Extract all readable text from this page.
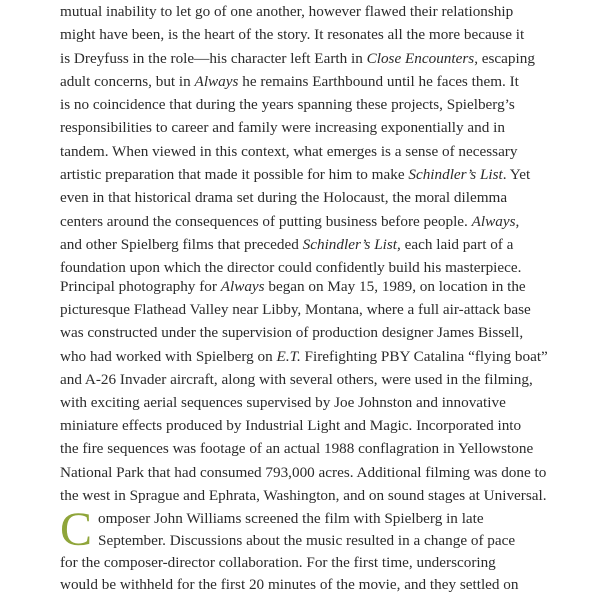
mutual inability to let go of one another, however flawed their relationship
might have been, is the heart of the story. It resonates all the more because it
is Dreyfuss in the role—his character left Earth in Close Encounters, escaping
adult concerns, but in Always he remains Earthbound until he faces them. It
is no coincidence that during the years spanning these projects, Spielberg’s
responsibilities to career and family were increasing exponentially and in
tandem. When viewed in this context, what emerges is a sense of necessary
artistic preparation that made it possible for him to make Schindler’s List. Yet
even in that historical drama set during the Holocaust, the moral dilemma
centers around the consequences of putting business before people. Always,
and other Spielberg films that preceded Schindler’s List, each laid part of a
foundation upon which the director could confidently build his masterpiece.
Principal photography for Always began on May 15, 1989, on location in the
picturesque Flathead Valley near Libby, Montana, where a full air-attack base
was constructed under the supervision of production designer James Bissell,
who had worked with Spielberg on E.T. Firefighting PBY Catalina “flying boat”
and A-26 Invader aircraft, along with several others, were used in the filming,
with exciting aerial sequences supervised by Joe Johnston and innovative
miniature effects produced by Industrial Light and Magic. Incorporated into
the fire sequences was footage of an actual 1988 conflagration in Yellowstone
National Park that had consumed 793,000 acres. Additional filming was done to
the west in Sprague and Ephrata, Washington, and on sound stages at Universal.
C omposer John Williams screened the film with Spielberg in late
September. Discussions about the music resulted in a change of pace
for the composer-director collaboration. For the first time, underscoring
would be withheld for the first 20 minutes of the movie, and they settled on
